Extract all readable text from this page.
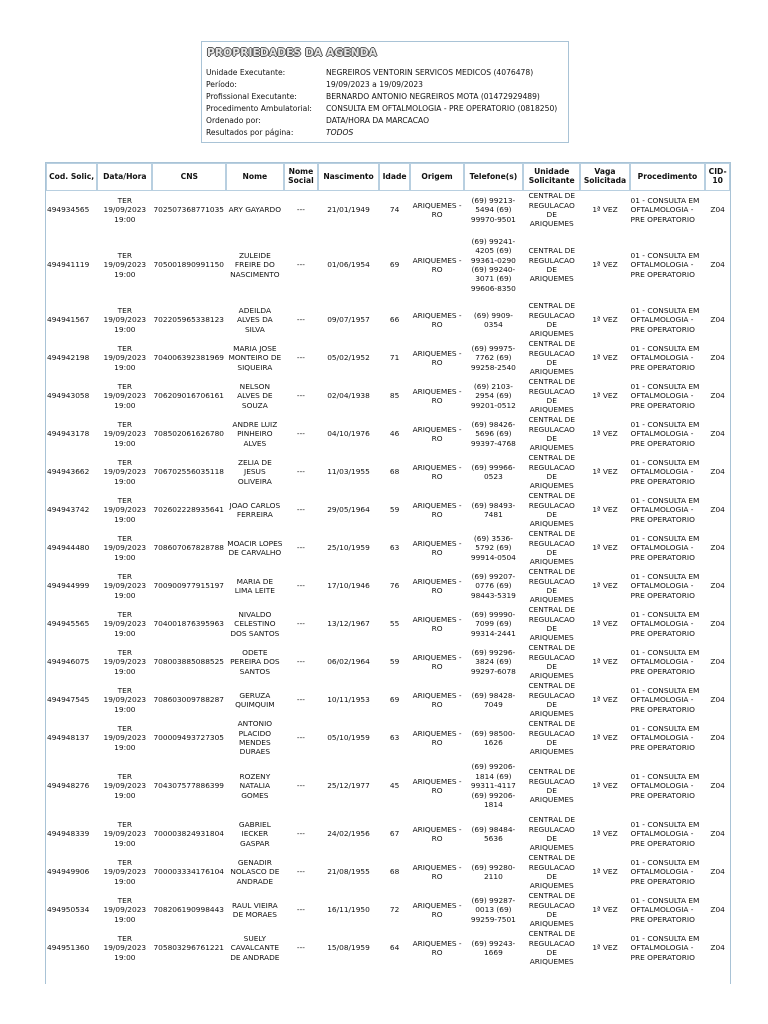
PROPRIEDADES DA AGENDA
Unidade Executante:	NEGREIROS VENTORIN SERVICOS MEDICOS (4076478)
Período:	19/09/2023 a 19/09/2023
Profissional Executante:	BERNARDO ANTONIO NEGREIROS MOTA (01472929489)
Procedimento Ambulatorial: CONSULTA EM OFTALMOLOGIA - PRE OPERATORIO (0818250)
Ordenado por:	DATA/HORA DA MARCACAO
Resultados por página:	TODOS
Cod. Solic,	Data/Hora	CNS	Nome	Nome Social	Nascimento	Idade	Origem	Telefone(s)	Unidade Solicitante	Vaga Solicitada	Procedimento	CID-10
494934565	TER 19/09/2023 19:00	702507368771035	ARY GAYARDO	---	21/01/1949	74	ARIQUEMES - RO	(69) 99213-5494 (69) 99970-9501	CENTRAL DE REGULACAO DE ARIQUEMES	1ª VEZ	01 - CONSULTA EM OFTALMOLOGIA - PRE OPERATORIO	Z04
494941119	TER 19/09/2023 19:00	705001890991150	ZULEIDE FREIRE DO NASCIMENTO	---	01/06/1954	69	ARIQUEMES - RO	(69) 99241-4205 (69) 99361-0290 (69) 99240-3071 (69) 99606-8350	CENTRAL DE REGULACAO DE ARIQUEMES	1ª VEZ	01 - CONSULTA EM OFTALMOLOGIA - PRE OPERATORIO	Z04
494941567	TER 19/09/2023 19:00	702205965338123	ADEILDA ALVES DA SILVA	---	09/07/1957	66	ARIQUEMES - RO	(69) 9909-0354	CENTRAL DE REGULACAO DE ARIQUEMES	1ª VEZ	01 - CONSULTA EM OFTALMOLOGIA - PRE OPERATORIO	Z04
494942198	TER 19/09/2023 19:00	704006392381969	MARIA JOSE MONTEIRO DE SIQUEIRA	---	05/02/1952	71	ARIQUEMES - RO	(69) 99975-7762 (69) 99258-2540	CENTRAL DE REGULACAO DE ARIQUEMES	1ª VEZ	01 - CONSULTA EM OFTALMOLOGIA - PRE OPERATORIO	Z04
494943058	TER 19/09/2023 19:00	706209016706161	NELSON ALVES DE SOUZA	---	02/04/1938	85	ARIQUEMES - RO	(69) 2103-2954 (69) 99201-0512	CENTRAL DE REGULACAO DE ARIQUEMES	1ª VEZ	01 - CONSULTA EM OFTALMOLOGIA - PRE OPERATORIO	Z04
494943178	TER 19/09/2023 19:00	708502061626780	ANDRE LUIZ PINHEIRO ALVES	---	04/10/1976	46	ARIQUEMES - RO	(69) 98426-5696 (69) 99397-4768	CENTRAL DE REGULACAO DE ARIQUEMES	1ª VEZ	01 - CONSULTA EM OFTALMOLOGIA - PRE OPERATORIO	Z04
494943662	TER 19/09/2023 19:00	706702556035118	ZELIA DE JESUS OLIVEIRA	---	11/03/1955	68	ARIQUEMES - RO	(69) 99966-0523	CENTRAL DE REGULACAO DE ARIQUEMES	1ª VEZ	01 - CONSULTA EM OFTALMOLOGIA - PRE OPERATORIO	Z04
494943742	TER 19/09/2023 19:00	702602228935641	JOAO CARLOS FERREIRA	---	29/05/1964	59	ARIQUEMES - RO	(69) 98493-7481	CENTRAL DE REGULACAO DE ARIQUEMES	1ª VEZ	01 - CONSULTA EM OFTALMOLOGIA - PRE OPERATORIO	Z04
494944480	TER 19/09/2023 19:00	708607067828788	MOACIR LOPES DE CARVALHO	---	25/10/1959	63	ARIQUEMES - RO	(69) 3536-5792 (69) 99914-0504	CENTRAL DE REGULACAO DE ARIQUEMES	1ª VEZ	01 - CONSULTA EM OFTALMOLOGIA - PRE OPERATORIO	Z04
494944999	TER 19/09/2023 19:00	700900977915197	MARIA DE LIMA LEITE	---	17/10/1946	76	ARIQUEMES - RO	(69) 99207-0776 (69) 98443-5319	CENTRAL DE REGULACAO DE ARIQUEMES	1ª VEZ	01 - CONSULTA EM OFTALMOLOGIA - PRE OPERATORIO	Z04
494945565	TER 19/09/2023 19:00	704001876395963	NIVALDO CELESTINO DOS SANTOS	---	13/12/1967	55	ARIQUEMES - RO	(69) 99990-7099 (69) 99314-2441	CENTRAL DE REGULACAO DE ARIQUEMES	1ª VEZ	01 - CONSULTA EM OFTALMOLOGIA - PRE OPERATORIO	Z04
494946075	TER 19/09/2023 19:00	708003885088525	ODETE PEREIRA DOS SANTOS	---	06/02/1964	59	ARIQUEMES - RO	(69) 99296-3824 (69) 99297-6078	CENTRAL DE REGULACAO DE ARIQUEMES	1ª VEZ	01 - CONSULTA EM OFTALMOLOGIA - PRE OPERATORIO	Z04
494947545	TER 19/09/2023 19:00	708603009788287	GERUZA QUIMQUIM	---	10/11/1953	69	ARIQUEMES - RO	(69) 98428-7049	CENTRAL DE REGULACAO DE ARIQUEMES	1ª VEZ	01 - CONSULTA EM OFTALMOLOGIA - PRE OPERATORIO	Z04
494948137	TER 19/09/2023 19:00	700009493727305	ANTONIO PLACIDO MENDES DURAES	---	05/10/1959	63	ARIQUEMES - RO	(69) 98500-1626	CENTRAL DE REGULACAO DE ARIQUEMES	1ª VEZ	01 - CONSULTA EM OFTALMOLOGIA - PRE OPERATORIO	Z04
494948276	TER 19/09/2023 19:00	704307577886399	ROZENY NATALIA GOMES	---	25/12/1977	45	ARIQUEMES - RO	(69) 99206-1814 (69) 99311-4117 (69) 99206-1814	CENTRAL DE REGULACAO DE ARIQUEMES	1ª VEZ	01 - CONSULTA EM OFTALMOLOGIA - PRE OPERATORIO	Z04
494948339	TER 19/09/2023 19:00	700003824931804	GABRIEL IECKER GASPAR	---	24/02/1956	67	ARIQUEMES - RO	(69) 98484-5636	CENTRAL DE REGULACAO DE ARIQUEMES	1ª VEZ	01 - CONSULTA EM OFTALMOLOGIA - PRE OPERATORIO	Z04
494949906	TER 19/09/2023 19:00	700003334176104	GENADIR NOLASCO DE ANDRADE	---	21/08/1955	68	ARIQUEMES - RO	(69) 99280-2110	CENTRAL DE REGULACAO DE ARIQUEMES	1ª VEZ	01 - CONSULTA EM OFTALMOLOGIA - PRE OPERATORIO	Z04
494950534	TER 19/09/2023 19:00	708206190998443	RAUL VIEIRA DE MORAES	---	16/11/1950	72	ARIQUEMES - RO	(69) 99287-0013 (69) 99259-7501	CENTRAL DE REGULACAO DE ARIQUEMES	1ª VEZ	01 - CONSULTA EM OFTALMOLOGIA - PRE OPERATORIO	Z04
494951360	TER 19/09/2023 19:00	705803296761221	SUELY CAVALCANTE DE ANDRADE	---	15/08/1959	64	ARIQUEMES - RO	(69) 99243-1669	CENTRAL DE REGULACAO DE ARIQUEMES	1ª VEZ	01 - CONSULTA EM OFTALMOLOGIA - PRE OPERATORIO	Z04
